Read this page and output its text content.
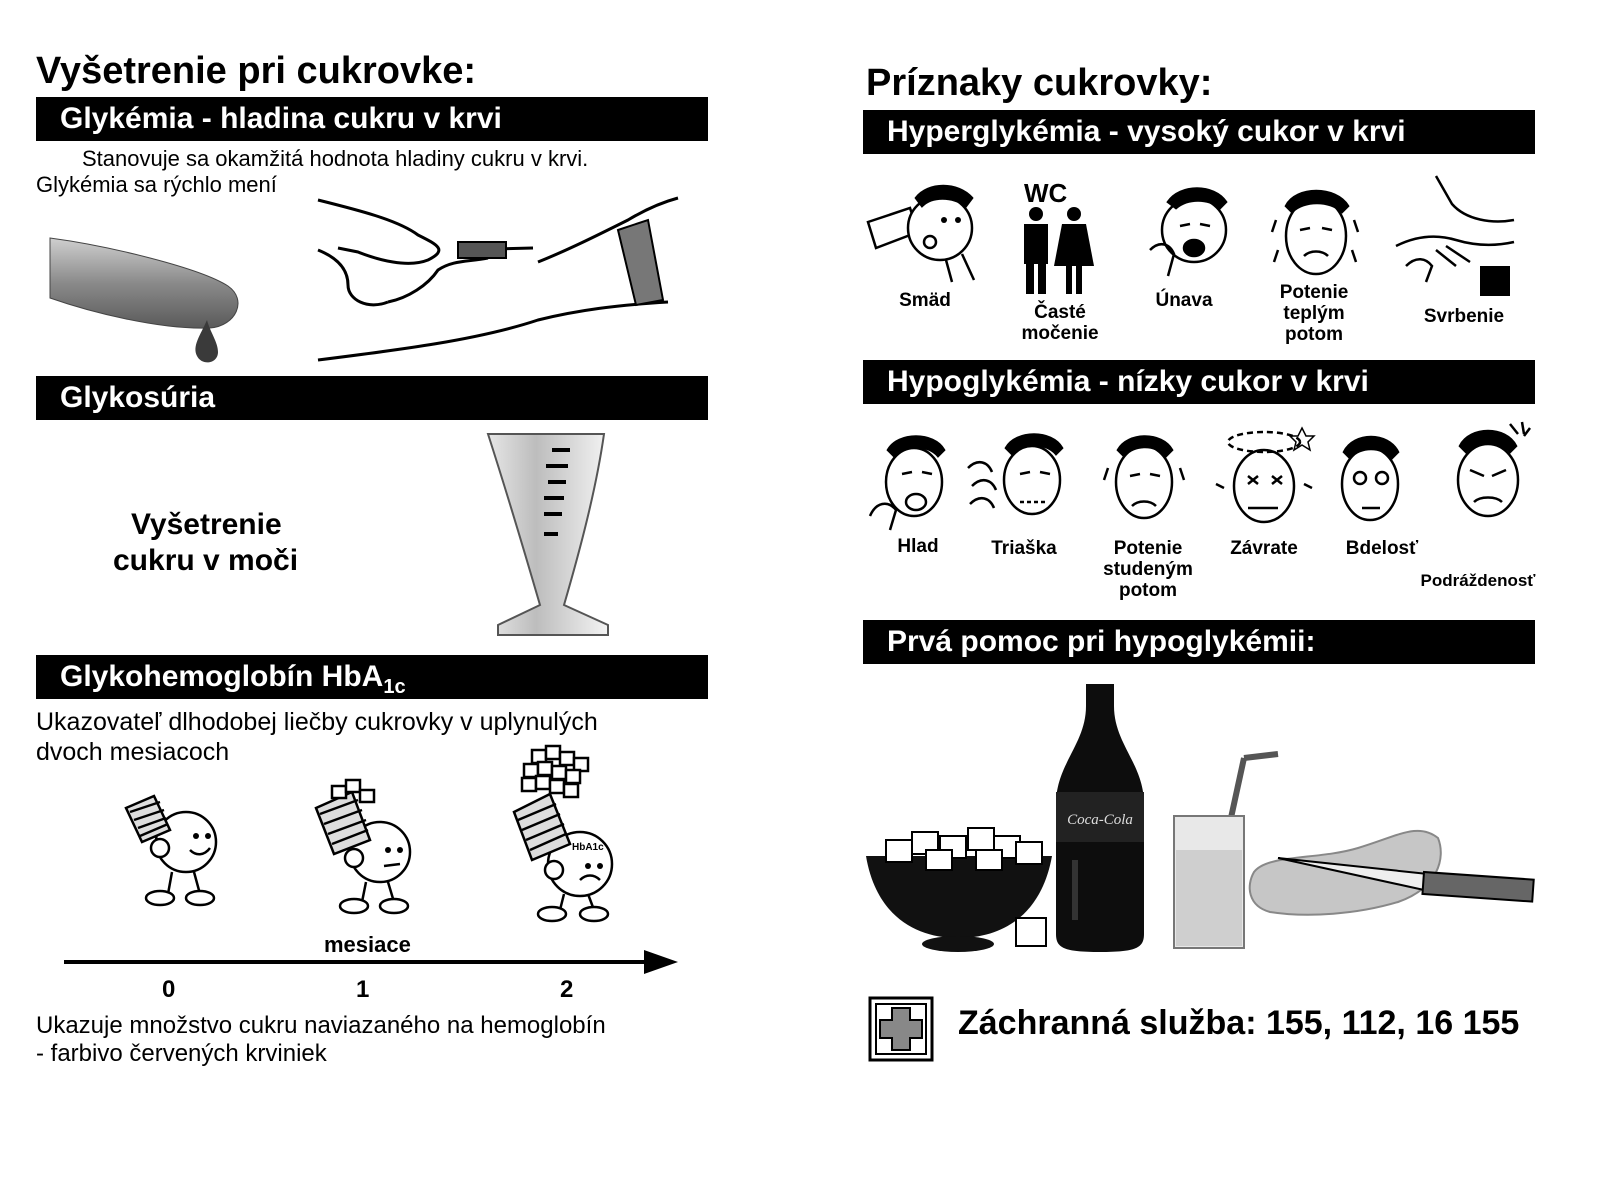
Vyšetrenie pri cukrovke:
Glykémia - hladina cukru v krvi
Stanovuje sa okamžitá hodnota hladiny cukru v krvi.
Glykémia sa rýchlo mení
Glykosúria
Vyšetrenie
cukru v moči
Glykohemoglobín HbA$_{1c}$
Ukazovateľ dlhodobej liečby cukrovky v uplynulých
dvoch mesiacoch
HbA1c
mesiace
0	1	2
Ukazuje množstvo cukru naviazaného na hemoglobín
- farbivo červených krviniek
Príznaky cukrovky:
Hyperglykémia - vysoký cukor v krvi
Smäd
WC
Časté
močenie
Únava	Potenie
teplým
potom
Svrbenie
Hypoglykémia - nízky cukor v krvi
Hlad	Triaška	Potenie
studeným
potom
Závrate	Bdelosť
Podráždenosť
Prvá pomoc pri hypoglykémii:
Coca-Cola
Záchranná služba: 155, 112, 16 155
